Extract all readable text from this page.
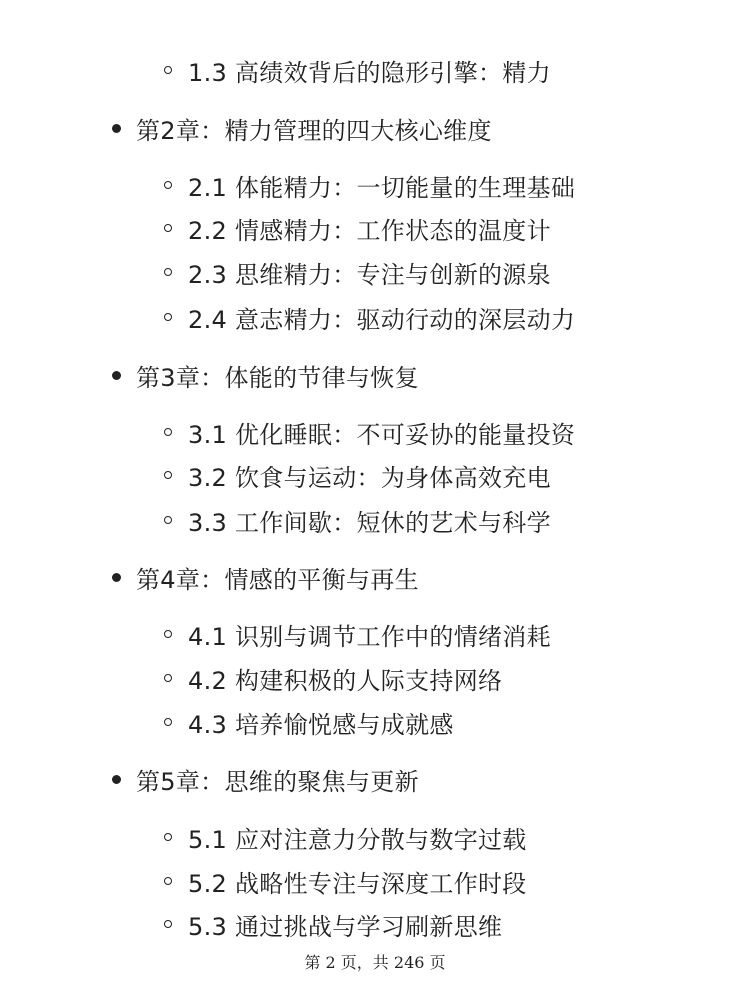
1.3 高绩效背后的隐形引擎：精力
第2章：精力管理的四大核心维度
2.1 体能精力：一切能量的生理基础
2.2 情感精力：工作状态的温度计
2.3 思维精力：专注与创新的源泉
2.4 意志精力：驱动行动的深层动力
第3章：体能的节律与恢复
3.1 优化睡眠：不可妥协的能量投资
3.2 饮食与运动：为身体高效充电
3.3 工作间歇：短休的艺术与科学
第4章：情感的平衡与再生
4.1 识别与调节工作中的情绪消耗
4.2 构建积极的人际支持网络
4.3 培养愉悦感与成就感
第5章：思维的聚焦与更新
5.1 应对注意力分散与数字过载
5.2 战略性专注与深度工作时段
5.3 通过挑战与学习刷新思维
第 2 页，共 246 页
